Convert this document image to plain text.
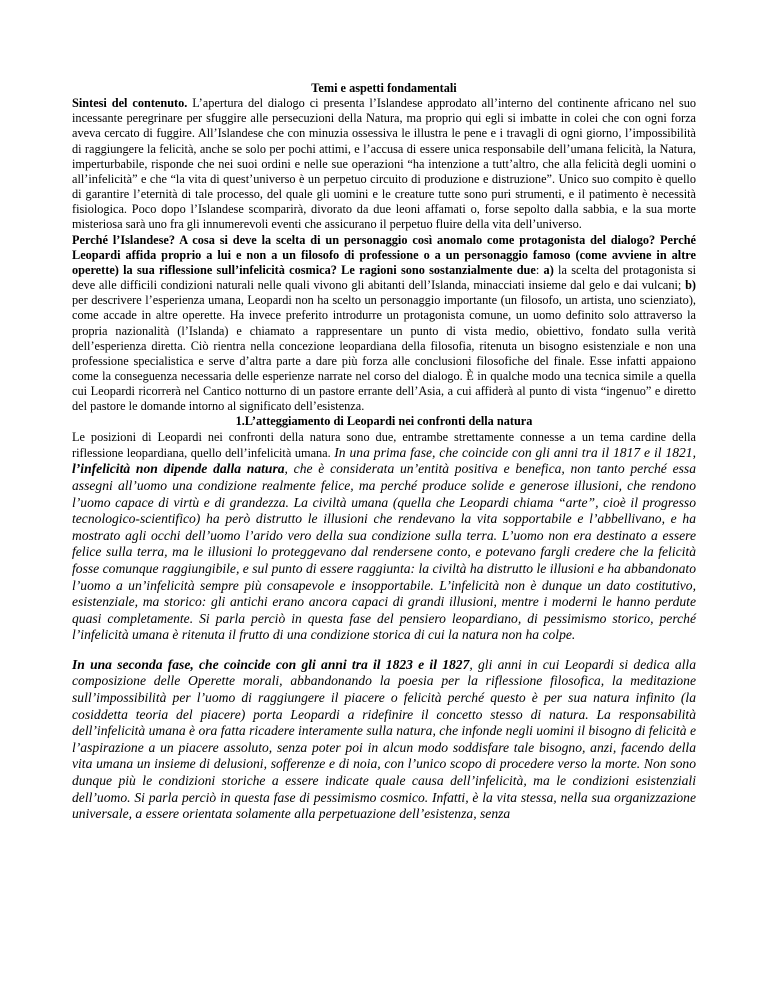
Temi e aspetti fondamentali

Sintesi del contenuto. L’apertura del dialogo ci presenta l’Islandese approdato all’interno del continente africano nel suo incessante peregrinare per sfuggire alle persecuzioni della Natura, ma proprio qui egli si imbatte in colei che con ogni forza aveva cercato di fuggire. All’Islandese che con minuzia ossessiva le illustra le pene e i travagli di ogni giorno, l’impossibilità di raggiungere la felicità, anche se solo per pochi attimi, e l’accusa di essere unica responsabile dell’umana felicità, la Natura, imperturbabile, risponde che nei suoi ordini e nelle sue operazioni “ha intenzione a tutt’altro, che alla felicità degli uomini o all’infelicità” e che “la vita di quest’universo è un perpetuo circuito di produzione e distruzione”. Unico suo compito è quello di garantire l’eternità di tale processo, del quale gli uomini e le creature tutte sono puri strumenti, e il patimento è necessità fisiologica. Poco dopo l’Islandese scomparirà, divorato da due leoni affamati o, forse sepolto dalla sabbia, e la sua morte misteriosa sarà uno fra gli innumerevoli eventi che assicurano il perpetuo fluire della vita dell’universo.

Perché l’Islandese? A cosa si deve la scelta di un personaggio così anomalo come protagonista del dialogo? Perché Leopardi affida proprio a lui e non a un filosofo di professione o a un personaggio famoso (come avviene in altre operette) la sua riflessione sull’infelicità cosmica? Le ragioni sono sostanzialmente due: a) la scelta del protagonista si deve alle difficili condizioni naturali nelle quali vivono gli abitanti dell’Islanda, minacciati insieme dal gelo e dai vulcani; b) per descrivere l’esperienza umana, Leopardi non ha scelto un personaggio importante (un filosofo, un artista, uno scienziato), come accade in altre operette. Ha invece preferito introdurre un protagonista comune, un uomo definito solo attraverso la propria nazionalità (l’Islanda) e chiamato a rappresentare un punto di vista medio, obiettivo, fondato sulla verità dell’esperienza diretta. Ciò rientra nella concezione leopardiana della filosofia, ritenuta un bisogno esistenziale e non una professione specialistica e serve d’altra parte a dare più forza alle conclusioni filosofiche del finale. Esse infatti appaiono come la conseguenza necessaria delle esperienze narrate nel corso del dialogo. È in qualche modo una tecnica simile a quella cui Leopardi ricorrerà nel Cantico notturno di un pastore errante dell’Asia, a cui affiderà al punto di vista “ingenuo” e diretto del pastore le domande intorno al significato dell’esistenza.

1.L’atteggiamento di Leopardi nei confronti della natura

Le posizioni di Leopardi nei confronti della natura sono due, entrambe strettamente connesse a un tema cardine della riflessione leopardiana, quello dell’infelicità umana. In una prima fase, che coincide con gli anni tra il 1817 e il 1821, l’infelicità non dipende dalla natura, che è considerata un’entità positiva e benefica, non tanto perché essa assegni all’uomo una condizione realmente felice, ma perché produce solide e generose illusioni, che rendono l’uomo capace di virtù e di grandezza. La civiltà umana (quella che Leopardi chiama “arte”, cioè il progresso tecnologico-scientifico) ha però distrutto le illusioni che rendevano la vita sopportabile e l’abbellivano, e ha mostrato agli occhi dell’uomo l’arido vero della sua condizione sulla terra. L’uomo non era destinato a essere felice sulla terra, ma le illusioni lo proteggevano dal rendersene conto, e potevano fargli credere che la felicità fosse comunque raggiungibile, e sul punto di essere raggiunta: la civiltà ha distrutto le illusioni e ha abbandonato l’uomo a un’infelicità sempre più consapevole e insopportabile. L’infelicità non è dunque un dato costitutivo, esistenziale, ma storico: gli antichi erano ancora capaci di grandi illusioni, mentre i moderni le hanno perdute quasi completamente. Si parla perciò in questa fase del pensiero leopardiano, di pessimismo storico, perché l’infelicità umana è ritenuta il frutto di una condizione storica di cui la natura non ha colpe.

In una seconda fase, che coincide con gli anni tra il 1823 e il 1827, gli anni in cui Leopardi si dedica alla composizione delle Operette morali, abbandonando la poesia per la riflessione filosofica, la meditazione sull’impossibilità per l’uomo di raggiungere il piacere o felicità perché questo è per sua natura infinito (la cosiddetta teoria del piacere) porta Leopardi a ridefinire il concetto stesso di natura. La responsabilità dell’infelicità umana è ora fatta ricadere interamente sulla natura, che infonde negli uomini il bisogno di felicità e l’aspirazione a un piacere assoluto, senza poter poi in alcun modo soddisfare tale bisogno, anzi, facendo della vita umana un insieme di delusioni, sofferenze e di noia, con l’unico scopo di procedere verso la morte. Non sono dunque più le condizioni storiche a essere indicate quale causa dell’infelicità, ma le condizioni esistenziali dell’uomo. Si parla perciò in questa fase di pessimismo cosmico. Infatti, è la vita stessa, nella sua organizzazione universale, a essere orientata solamente alla perpetuazione dell’esistenza, senza
